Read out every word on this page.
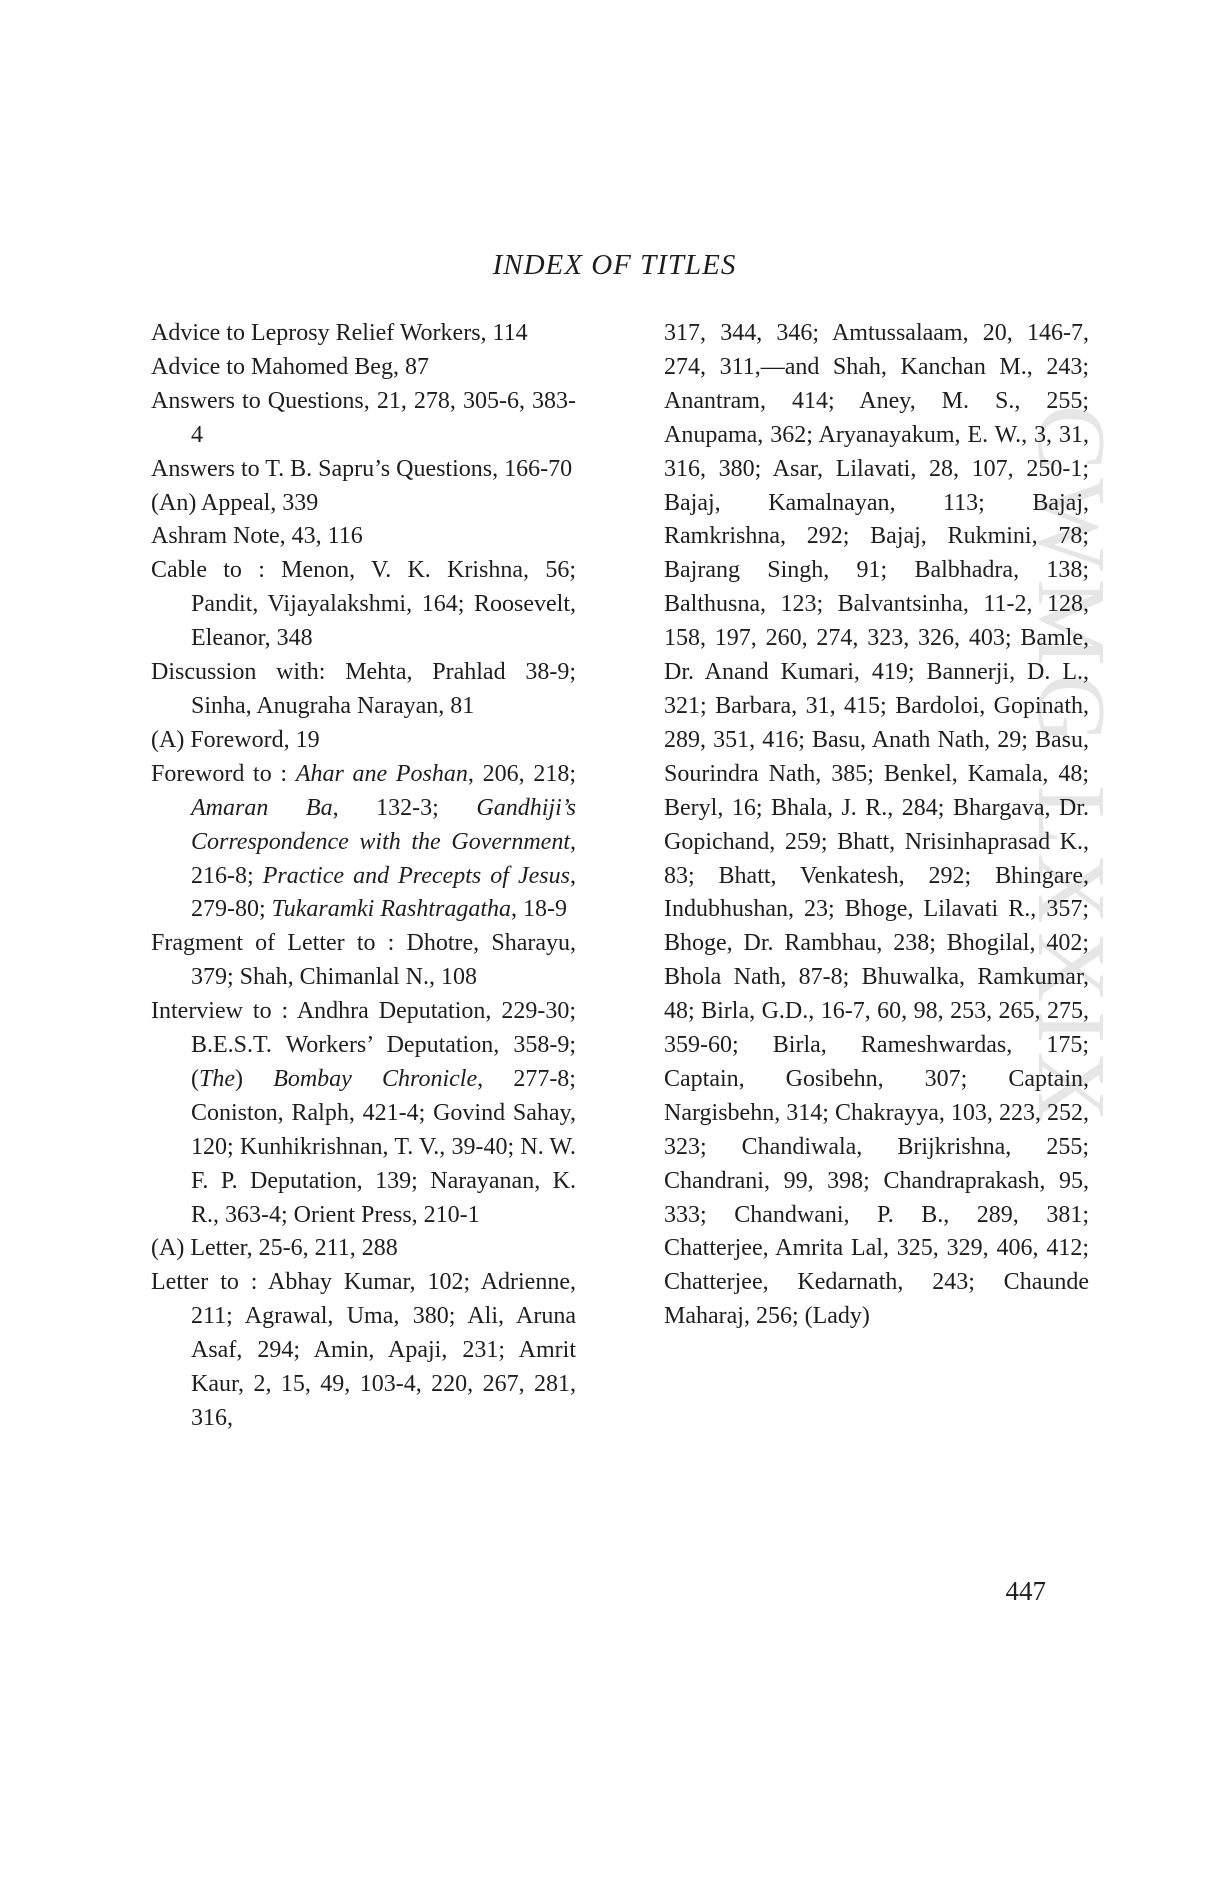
INDEX OF TITLES
CWMG LXXIX
Advice to Leprosy Relief Workers, 114
Advice to Mahomed Beg, 87
Answers to Questions, 21, 278, 305-6, 383-4
Answers to T. B. Sapru’s Questions, 166-70
(An) Appeal, 339
Ashram Note, 43, 116
Cable to : Menon, V. K. Krishna, 56; Pandit, Vijayalakshmi, 164; Roosevelt, Eleanor, 348
Discussion with: Mehta, Prahlad 38-9; Sinha, Anugraha Narayan, 81
(A) Foreword, 19
Foreword to : Ahar ane Poshan, 206, 218; Amaran Ba, 132-3; Gandhiji’s Correspondence with the Government, 216-8; Practice and Precepts of Jesus, 279-80; Tukaramki Rashtragatha, 18-9
Fragment of Letter to : Dhotre, Sharayu, 379; Shah, Chimanlal N., 108
Interview to : Andhra Deputation, 229-30; B.E.S.T. Workers’ Deputation, 358-9; (The) Bombay Chronicle, 277-8; Coniston, Ralph, 421-4; Govind Sahay, 120; Kunhikrishnan, T. V., 39-40; N. W. F. P. Deputation, 139; Narayanan, K. R., 363-4; Orient Press, 210-1
(A) Letter, 25-6, 211, 288
Letter to : Abhay Kumar, 102; Adrienne, 211; Agrawal, Uma, 380; Ali, Aruna Asaf, 294; Amin, Apaji, 231; Amrit Kaur, 2, 15, 49, 103-4, 220, 267, 281, 316,
317, 344, 346; Amtussalaam, 20, 146-7, 274, 311,—and Shah, Kanchan M., 243; Anantram, 414; Aney, M. S., 255; Anupama, 362; Aryanayakum, E. W., 3, 31, 316, 380; Asar, Lilavati, 28, 107, 250-1; Bajaj, Kamalnayan, 113; Bajaj, Ramkrishna, 292; Bajaj, Rukmini, 78; Bajrang Singh, 91; Balbhadra, 138; Balthusna, 123; Balvantsinha, 11-2, 128, 158, 197, 260, 274, 323, 326, 403; Bamle, Dr. Anand Kumari, 419; Bannerji, D. L., 321; Barbara, 31, 415; Bardoloi, Gopinath, 289, 351, 416; Basu, Anath Nath, 29; Basu, Sourindra Nath, 385; Benkel, Kamala, 48; Beryl, 16; Bhala, J. R., 284; Bhargava, Dr. Gopichand, 259; Bhatt, Nrisinhaprasad K., 83; Bhatt, Venkatesh, 292; Bhingare, Indubhushan, 23; Bhoge, Lilavati R., 357; Bhoge, Dr. Rambhau, 238; Bhogilal, 402; Bhola Nath, 87-8; Bhuwalka, Ramkumar, 48; Birla, G.D., 16-7, 60, 98, 253, 265, 275, 359-60; Birla, Rameshwardas, 175; Captain, Gosibehn, 307; Captain, Nargisbehn, 314; Chakrayya, 103, 223, 252, 323; Chandiwala, Brijkrishna, 255; Chandrani, 99, 398; Chandraprakash, 95, 333; Chandwani, P. B., 289, 381; Chatterjee, Amrita Lal, 325, 329, 406, 412; Chatterjee, Kedarnath, 243; Chaunde Maharaj, 256; (Lady)
447
